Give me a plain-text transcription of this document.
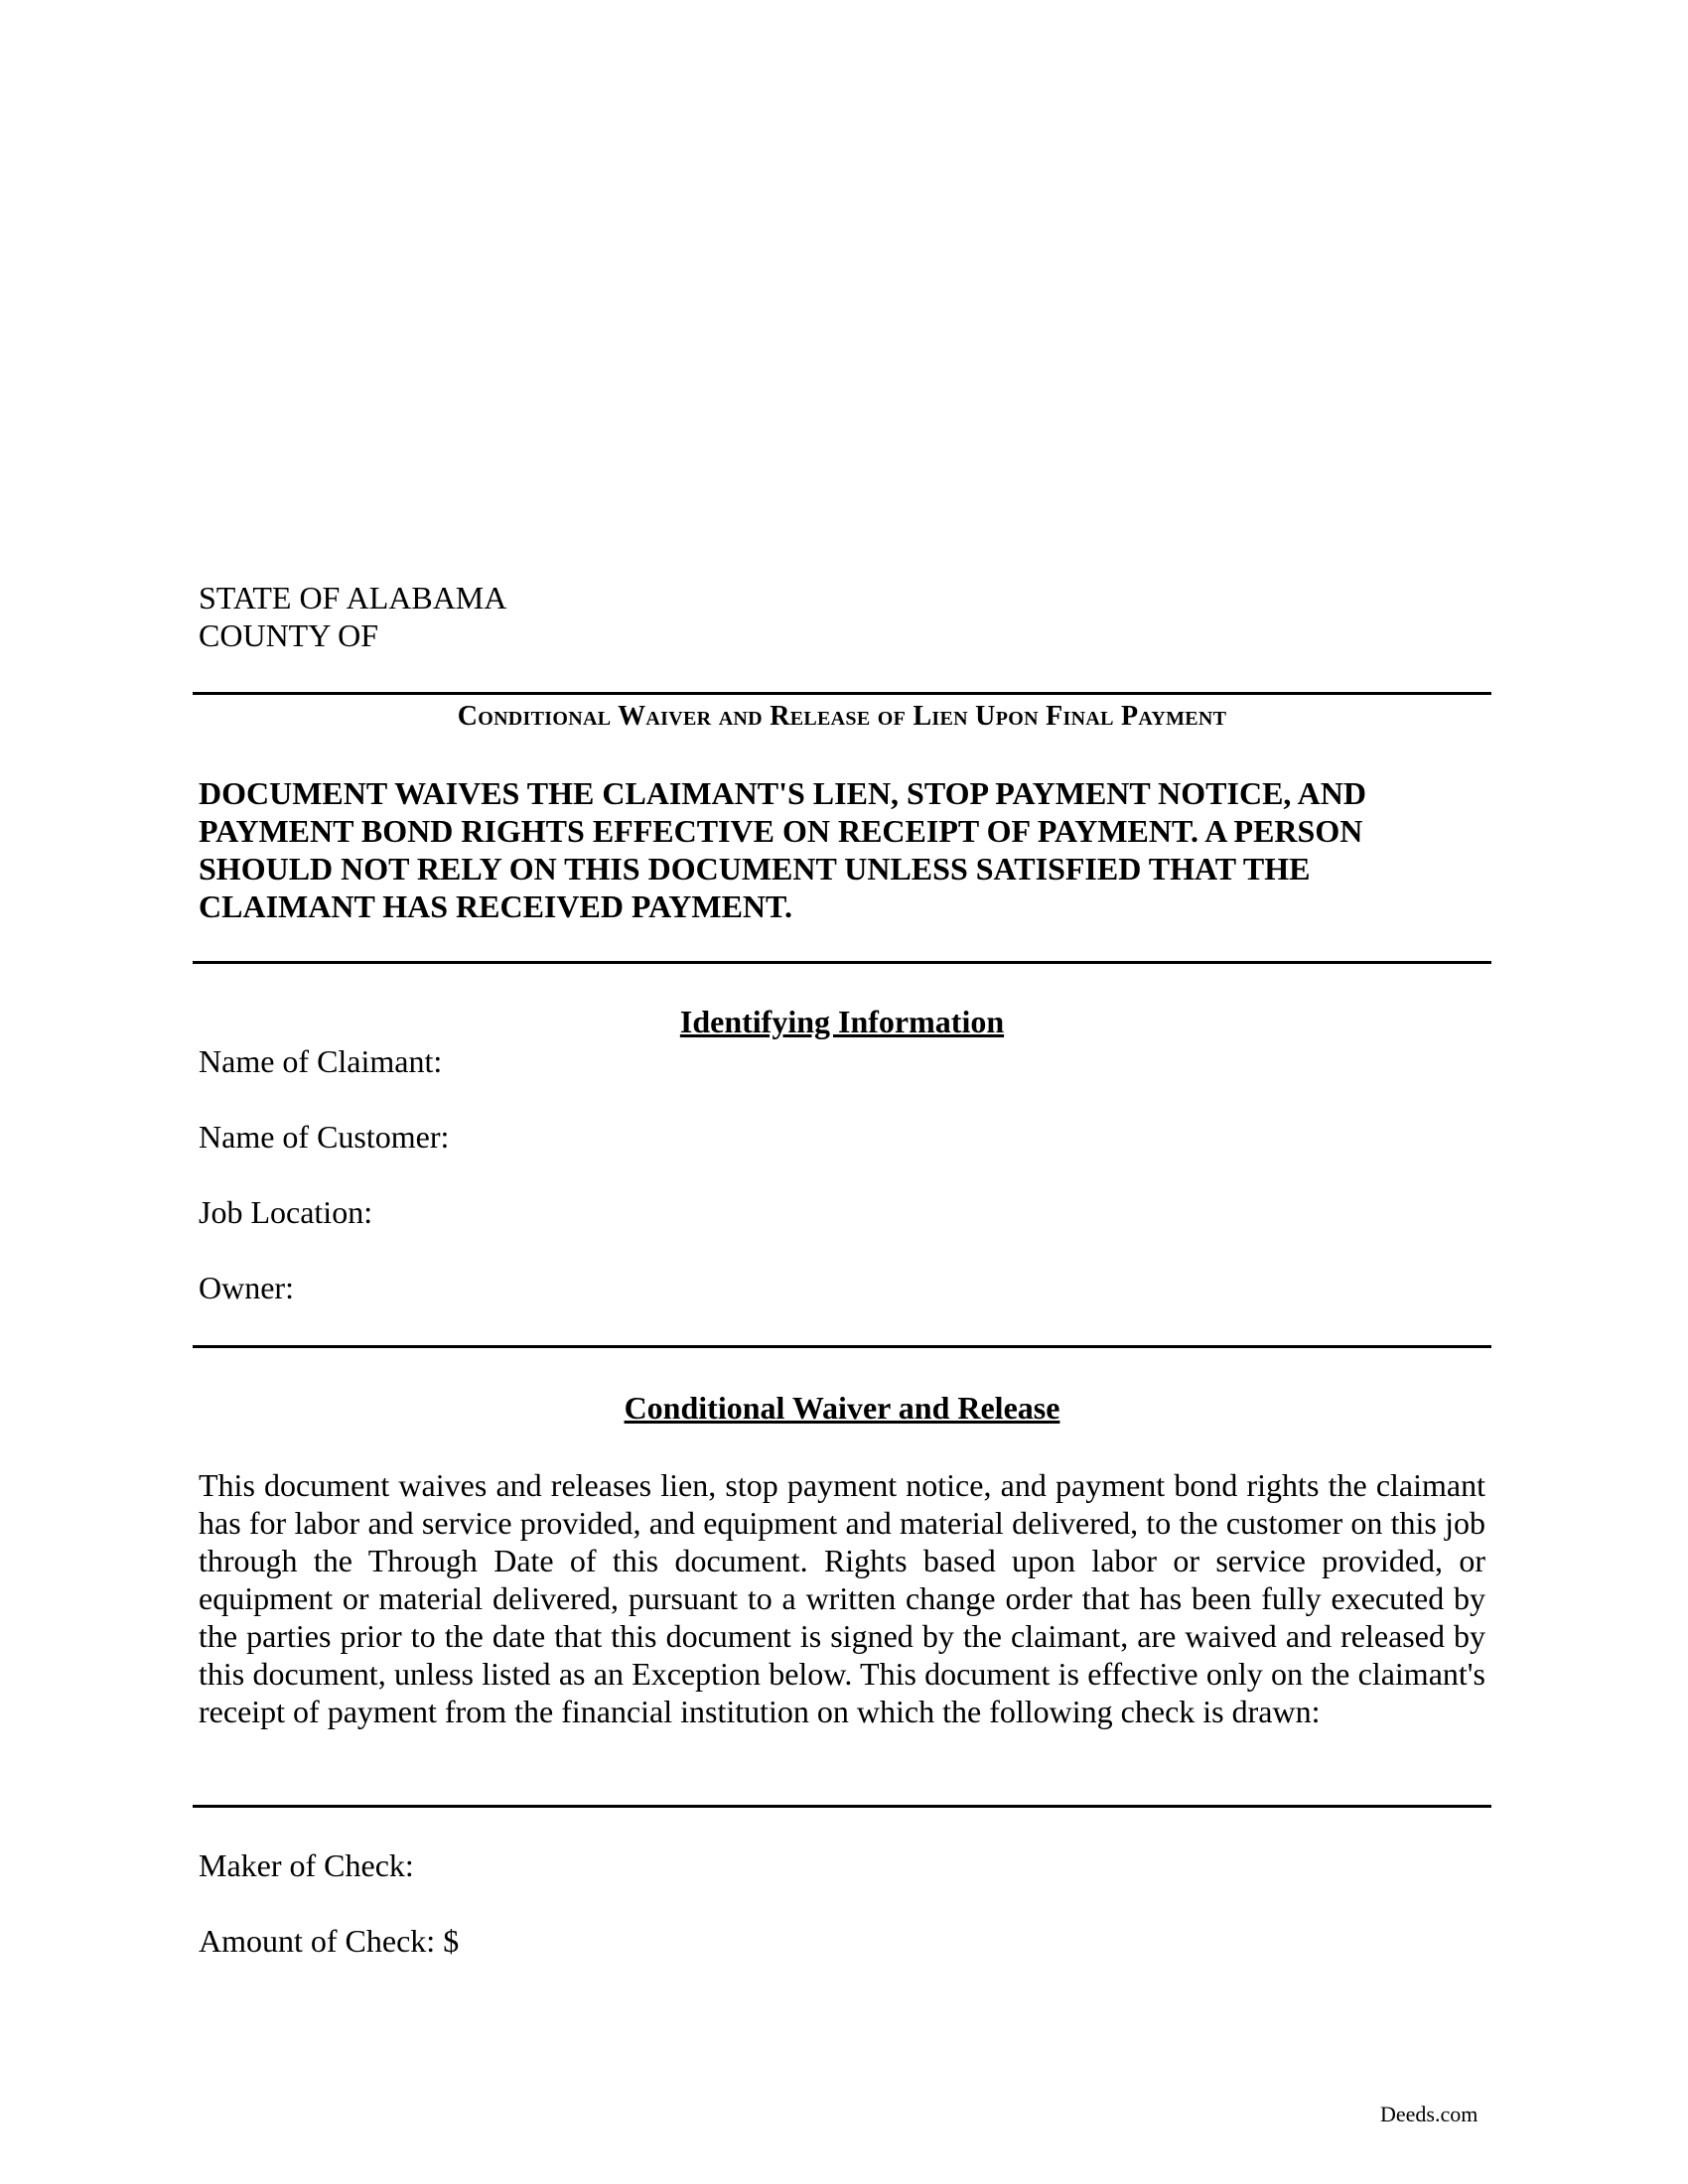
STATE OF ALABAMA
COUNTY OF
Conditional Waiver and Release of Lien Upon Final Payment
DOCUMENT WAIVES THE CLAIMANT'S LIEN, STOP PAYMENT NOTICE, AND PAYMENT BOND RIGHTS EFFECTIVE ON RECEIPT OF PAYMENT. A PERSON SHOULD NOT RELY ON THIS DOCUMENT UNLESS SATISFIED THAT THE CLAIMANT HAS RECEIVED PAYMENT.
Identifying Information
Name of Claimant:
Name of Customer:
Job Location:
Owner:
Conditional Waiver and Release
This document waives and releases lien, stop payment notice, and payment bond rights the claimant has for labor and service provided, and equipment and material delivered, to the customer on this job through the Through Date of this document. Rights based upon labor or service provided, or equipment or material delivered, pursuant to a written change order that has been fully executed by the parties prior to the date that this document is signed by the claimant, are waived and released by this document, unless listed as an Exception below. This document is effective only on the claimant's receipt of payment from the financial institution on which the following check is drawn:
Maker of Check:
Amount of Check: $
Deeds.com
